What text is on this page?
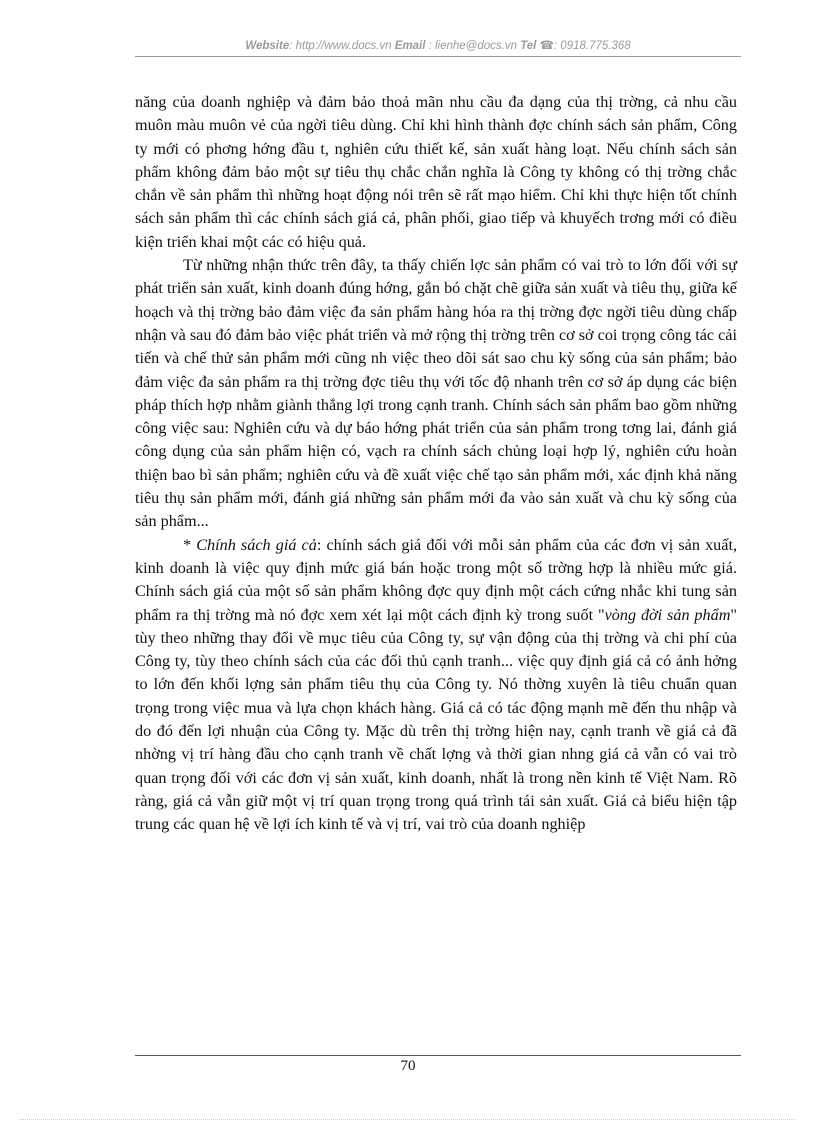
Website: http://www.docs.vn Email : lienhe@docs.vn Tel ☎: 0918.775.368

năng của doanh nghiệp và đảm bảo thoả mãn nhu cầu đa dạng của thị trờng, cả nhu cầu muôn màu muôn vẻ của ngời tiêu dùng. Chỉ khi hình thành đợc chính sách sản phẩm, Công ty mới có phơng hớng đầu t, nghiên cứu thiết kế, sản xuất hàng loạt. Nếu chính sách sản phẩm không đảm bảo một sự tiêu thụ chắc chắn nghĩa là Công ty không có thị trờng chắc chắn về sản phẩm thì những hoạt động nói trên sẽ rất mạo hiểm. Chỉ khi thực hiện tốt chính sách sản phẩm thì các chính sách giá cả, phân phối, giao tiếp và khuyếch trơng mới có điều kiện triển khai một các có hiệu quả.

Từ những nhận thức trên đây, ta thấy chiến lợc sản phẩm có vai trò to lớn đối với sự phát triển sản xuất, kinh doanh đúng hớng, gắn bó chặt chẽ giữa sản xuất và tiêu thụ, giữa kế hoạch và thị trờng bảo đảm việc đa sản phẩm hàng hóa ra thị trờng đợc ngời tiêu dùng chấp nhận và sau đó đảm bảo việc phát triển và mở rộng thị trờng trên cơ sở coi trọng công tác cải tiến và chế thử sản phẩm mới cũng nh việc theo dõi sát sao chu kỳ sống của sản phẩm; bảo đảm việc đa sản phẩm ra thị trờng đợc tiêu thụ với tốc độ nhanh trên cơ sở áp dụng các biện pháp thích hợp nhằm giành thắng lợi trong cạnh tranh. Chính sách sản phẩm bao gồm những công việc sau: Nghiên cứu và dự báo hớng phát triển của sản phẩm trong tơng lai, đánh giá công dụng của sản phẩm hiện có, vạch ra chính sách chủng loại hợp lý, nghiên cứu hoàn thiện bao bì sản phẩm; nghiên cứu và đề xuất việc chế tạo sản phẩm mới, xác định khả năng tiêu thụ sản phẩm mới, đánh giá những sản phẩm mới đa vào sản xuất và chu kỳ sống của sản phẩm...

* Chính sách giá cả: chính sách giá đối với mỗi sản phẩm của các đơn vị sản xuất, kinh doanh là việc quy định mức giá bán hoặc trong một số trờng hợp là nhiều mức giá. Chính sách giá của một số sản phẩm không đợc quy định một cách cứng nhắc khi tung sản phẩm ra thị trờng mà nó đợc xem xét lại một cách định kỳ trong suốt "vòng đời sản phẩm" tùy theo những thay đổi về mục tiêu của Công ty, sự vận động của thị trờng và chi phí của Công ty, tùy theo chính sách của các đối thủ cạnh tranh... việc quy định giá cả có ảnh hởng to lớn đến khối lợng sản phẩm tiêu thụ của Công ty. Nó thờng xuyên là tiêu chuẩn quan trọng trong việc mua và lựa chọn khách hàng. Giá cả có tác động mạnh mẽ đến thu nhập và do đó đến lợi nhuận của Công ty. Mặc dù trên thị trờng hiện nay, cạnh tranh về giá cả đã nhờng vị trí hàng đầu cho cạnh tranh về chất lợng và thời gian nhng giá cả vẫn có vai trò quan trọng đối với các đơn vị sản xuất, kinh doanh, nhất là trong nền kinh tế Việt Nam. Rõ ràng, giá cả vẫn giữ một vị trí quan trọng trong quá trình tái sản xuất. Giá cả biểu hiện tập trung các quan hệ về lợi ích kinh tế và vị trí, vai trò của doanh nghiệp

70
